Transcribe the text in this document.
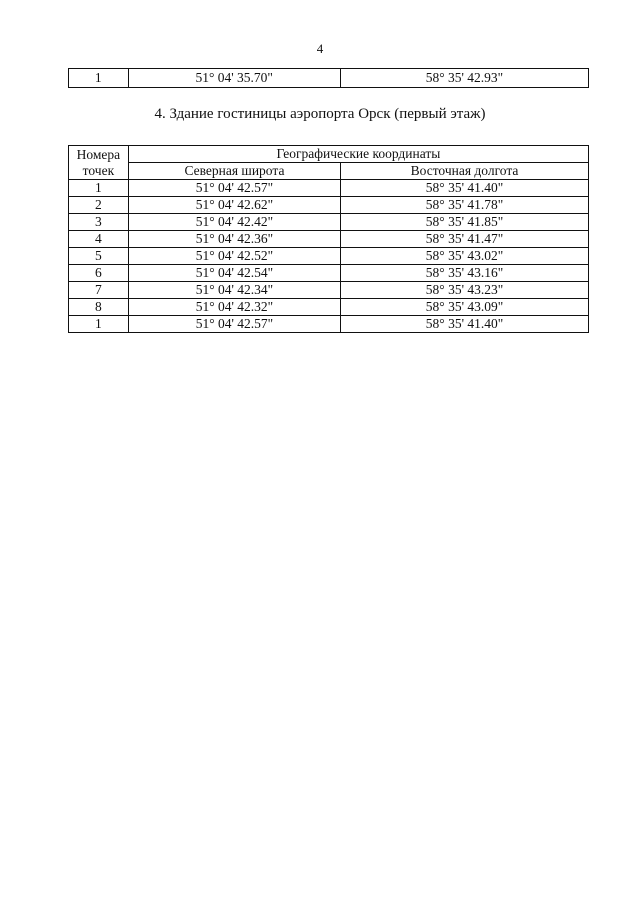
4
1	51° 04' 35.70"	58° 35' 42.93"
4. Здание гостиницы аэропорта Орск (первый этаж)
Номера
точек	Географические координаты	
	Северная широта	Восточная долгота
1	51° 04' 42.57"	58° 35' 41.40"
2	51° 04' 42.62"	58° 35' 41.78"
3	51° 04' 42.42"	58° 35' 41.85"
4	51° 04' 42.36"	58° 35' 41.47"
5	51° 04' 42.52"	58° 35' 43.02"
6	51° 04' 42.54"	58° 35' 43.16"
7	51° 04' 42.34"	58° 35' 43.23"
8	51° 04' 42.32"	58° 35' 43.09"
1	51° 04' 42.57"	58° 35' 41.40"
